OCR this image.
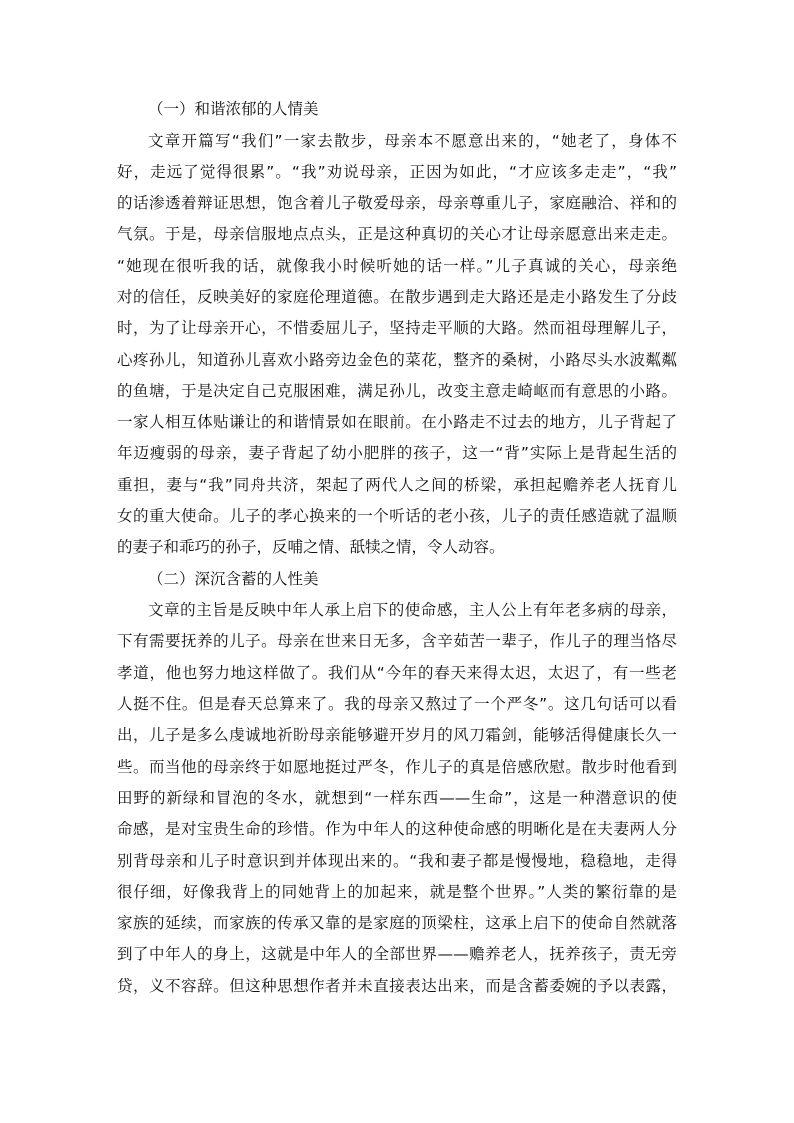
（一）和谐浓郁的人情美

文章开篇写“我们”一家去散步，母亲本不愿意出来的，“她老了，身体不
好，走远了觉得很累”。“我”劝说母亲，正因为如此，“才应该多走走”，“我”
的话渗透着辩证思想，饱含着儿子敬爱母亲，母亲尊重儿子，家庭融洽、祥和的
气氛。于是，母亲信服地点点头，正是这种真切的关心才让母亲愿意出来走走。
“她现在很听我的话，就像我小时候听她的话一样。”儿子真诚的关心，母亲绝
对的信任，反映美好的家庭伦理道德。在散步遇到走大路还是走小路发生了分歧
时，为了让母亲开心，不惜委屈儿子，坚持走平顺的大路。然而祖母理解儿子，
心疼孙儿，知道孙儿喜欢小路旁边金色的菜花，整齐的桑树，小路尽头水波粼粼
的鱼塘，于是决定自己克服困难，满足孙儿，改变主意走崎岖而有意思的小路。
一家人相互体贴谦让的和谐情景如在眼前。在小路走不过去的地方，儿子背起了
年迈瘦弱的母亲，妻子背起了幼小肥胖的孩子，这一“背”实际上是背起生活的
重担，妻与“我”同舟共济，架起了两代人之间的桥梁，承担起赡养老人抚育儿
女的重大使命。儿子的孝心换来的一个听话的老小孩，儿子的责任感造就了温顺
的妻子和乖巧的孙子，反哺之情、舐犊之情，令人动容。

（二）深沉含蓄的人性美

文章的主旨是反映中年人承上启下的使命感，主人公上有年老多病的母亲，
下有需要抚养的儿子。母亲在世来日无多，含辛茹苦一辈子，作儿子的理当恪尽
孝道，他也努力地这样做了。我们从“今年的春天来得太迟，太迟了，有一些老
人挺不住。但是春天总算来了。我的母亲又熬过了一个严冬”。这几句话可以看
出，儿子是多么虔诚地祈盼母亲能够避开岁月的风刀霜剑，能够活得健康长久一
些。而当他的母亲终于如愿地挺过严冬，作儿子的真是倍感欣慰。散步时他看到
田野的新绿和冒泡的冬水，就想到“一样东西——生命”，这是一种潜意识的使
命感，是对宝贵生命的珍惜。作为中年人的这种使命感的明晰化是在夫妻两人分
别背母亲和儿子时意识到并体现出来的。“我和妻子都是慢慢地，稳稳地，走得
很仔细，好像我背上的同她背上的加起来，就是整个世界。”人类的繁衍靠的是
家族的延续，而家族的传承又靠的是家庭的顶梁柱，这承上启下的使命自然就落
到了中年人的身上，这就是中年人的全部世界——赡养老人，抚养孩子，责无旁
贷，义不容辞。但这种思想作者并未直接表达出来，而是含蓄委婉的予以表露，
